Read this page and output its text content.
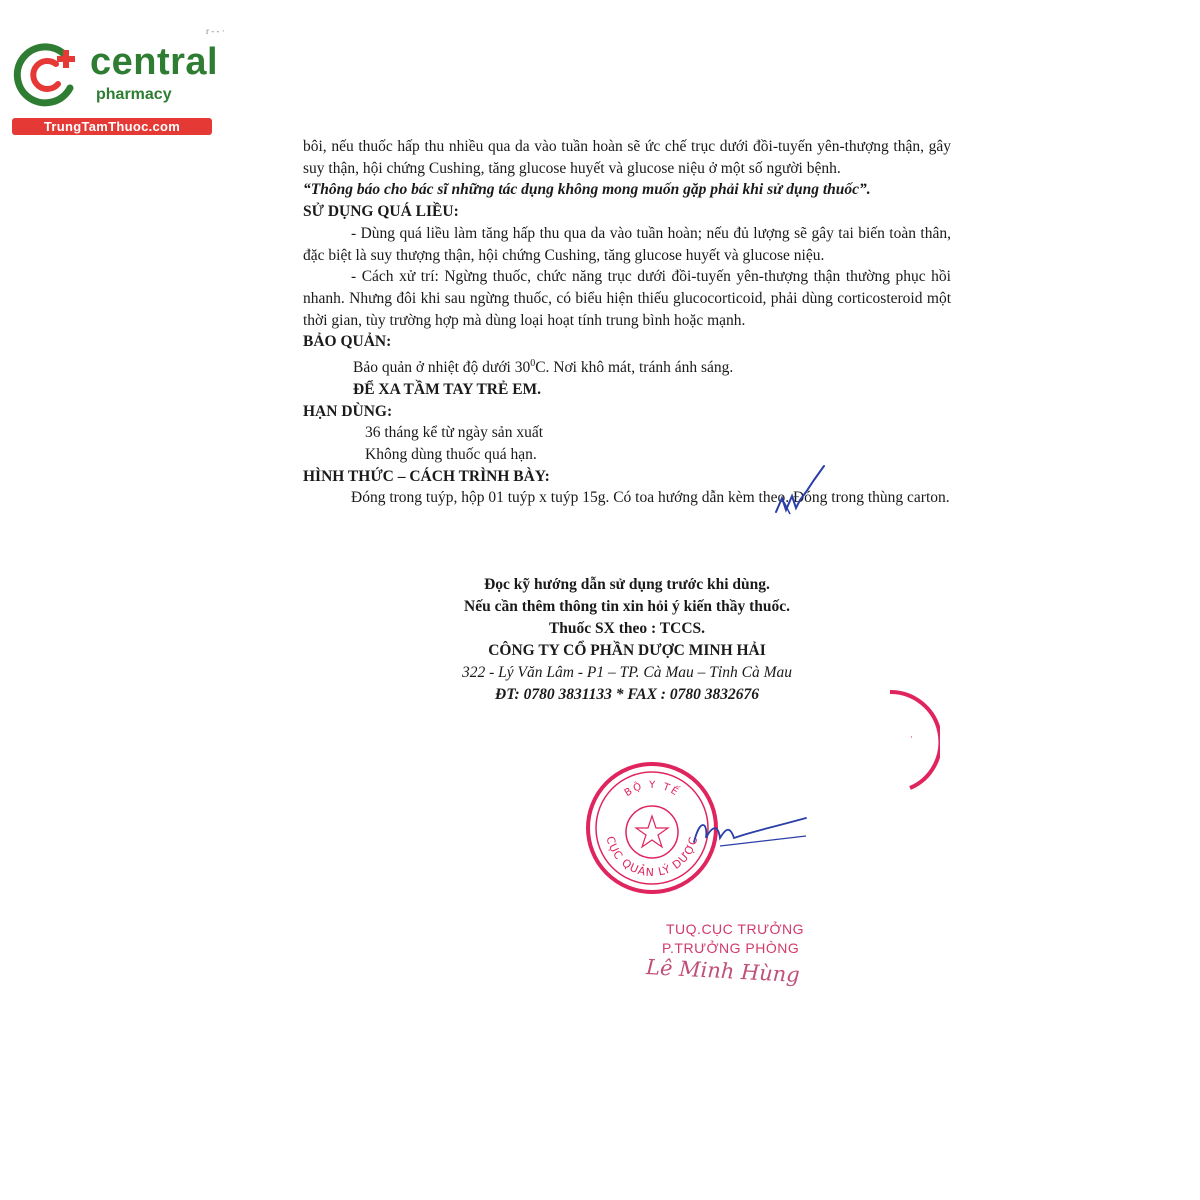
r - - ·
central
pharmacy
TrungTamThuoc.com

bôi, nếu thuốc hấp thu nhiều qua da vào tuần hoàn sẽ ức chế trục dưới đồi-tuyến yên-thượng thận, gây suy thận, hội chứng Cushing, tăng glucose huyết và glucose niệu ở một số người bệnh.

“Thông báo cho bác sĩ những tác dụng không mong muốn gặp phải khi sử dụng thuốc”.

SỬ DỤNG QUÁ LIỀU:

- Dùng quá liều làm tăng hấp thu qua da vào tuần hoàn; nếu đủ lượng sẽ gây tai biến toàn thân, đặc biệt là suy thượng thận, hội chứng Cushing, tăng glucose huyết và glucose niệu.

- Cách xử trí: Ngừng thuốc, chức năng trục dưới đồi-tuyến yên-thượng thận thường phục hồi nhanh. Nhưng đôi khi sau ngừng thuốc, có biểu hiện thiếu glucocorticoid, phải dùng corticosteroid một thời gian, tùy trường hợp mà dùng loại hoạt tính trung bình hoặc mạnh.

BẢO QUẢN:

Bảo quản ở nhiệt độ dưới $30^0C$. Nơi khô mát, tránh ánh sáng.

ĐỂ XA TẦM TAY TRẺ EM.

HẠN DÙNG:

36 tháng kể từ ngày sản xuất

Không dùng thuốc quá hạn.

HÌNH THỨC – CÁCH TRÌNH BÀY:

Đóng trong tuýp, hộp 01 tuýp x tuýp 15g. Có toa hướng dẫn kèm theo. Đóng trong thùng carton.

Đọc kỹ hướng dẫn sử dụng trước khi dùng.
Nếu cần thêm thông tin xin hỏi ý kiến thầy thuốc.
Thuốc SX theo : TCCS.
CÔNG TY CỔ PHẦN DƯỢC MINH HẢI
322 - Lý Văn Lâm - P1 – TP. Cà Mau – Tỉnh Cà Mau
ĐT: 0780 3831133 * FAX : 0780 3832676
·
BỘ Y TẾ
CỤC QUẢN LÝ DƯỢC
TUQ.CỤC TRƯỞNG
P.TRƯỞNG PHÒNG
Lê Minh Hùng
